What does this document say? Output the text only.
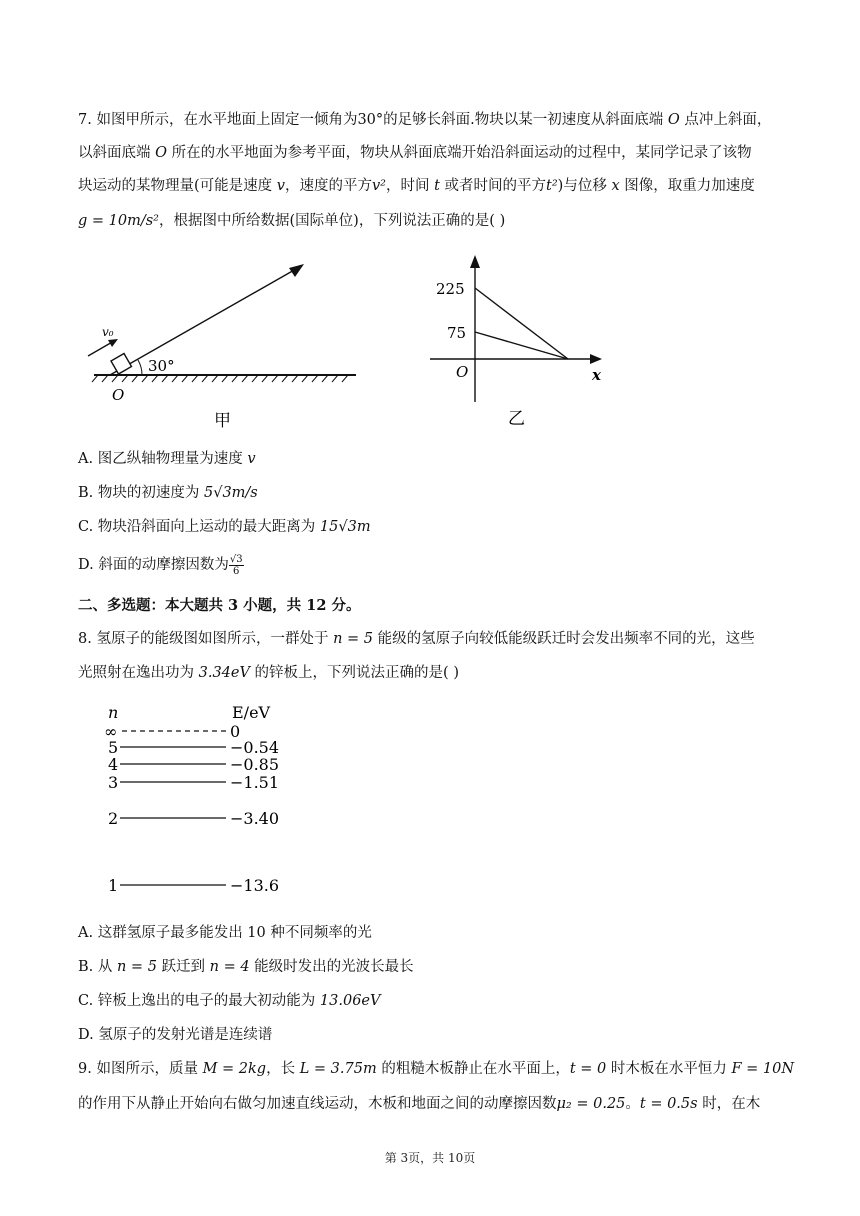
7. 如图甲所示，在水平地面上固定一倾角为30°的足够长斜面.物块以某一初速度从斜面底端 O 点冲上斜面，

以斜面底端 O 所在的水平地面为参考平面，物块从斜面底端开始沿斜面运动的过程中，某同学记录了该物

块运动的某物理量(可能是速度 v，速度的平方v²，时间 t 或者时间的平方t²)与位移 x 图像，取重力加速度

g = 10m/s²，根据图中所给数据(国际单位)，下列说法正确的是( )

v₀
30°
O
甲
225
75
O	x
乙

A. 图乙纵轴物理量为速度 v

B. 物块的初速度为 5√3m/s

C. 物块沿斜面向上运动的最大距离为 15√3m

D. 斜面的动摩擦因数为 $\frac{√3}{6}$

二、多选题：本大题共 3 小题，共 12 分。

8. 氢原子的能级图如图所示，一群处于 n = 5 能级的氢原子向较低能级跃迁时会发出频率不同的光，这些

光照射在逸出功为 3.34eV 的锌板上，下列说法正确的是( )

n	E/eV
∞	0
5	−0.54
4	−0.85
3	−1.51
2	−3.40
1	−13.6

A. 这群氢原子最多能发出 10 种不同频率的光

B. 从 n = 5 跃迁到 n = 4 能级时发出的光波长最长

C. 锌板上逸出的电子的最大初动能为 13.06eV

D. 氢原子的发射光谱是连续谱

9. 如图所示，质量 M = 2kg，长 L = 3.75m 的粗糙木板静止在水平面上，t = 0 时木板在水平恒力 F = 10N

的作用下从静止开始向右做匀加速直线运动，木板和地面之间的动摩擦因数μ₂ = 0.25。t = 0.5s 时，在木

第 3页，共 10页
